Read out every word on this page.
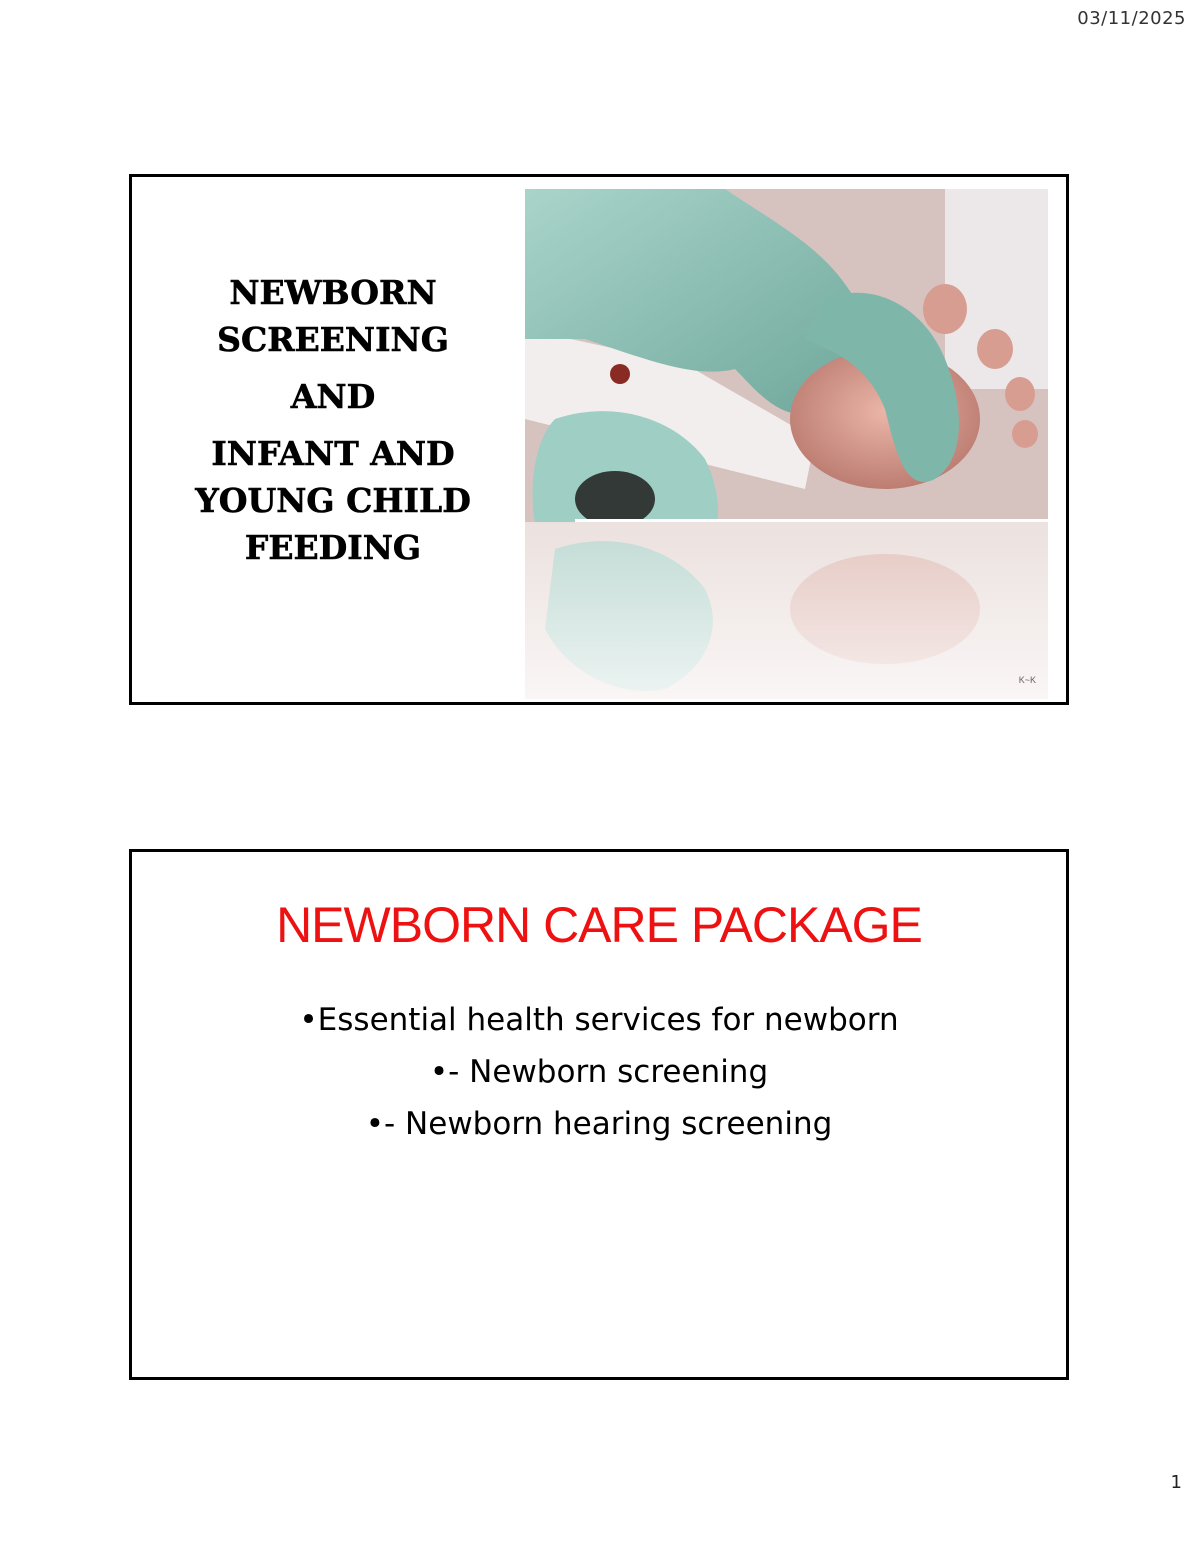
03/11/2025
NEWBORN
SCREENING
AND
INFANT AND
YOUNG CHILD
FEEDING
K~K
NEWBORN CARE PACKAGE
•Essential health services for newborn
•- Newborn screening
•- Newborn hearing screening
1
